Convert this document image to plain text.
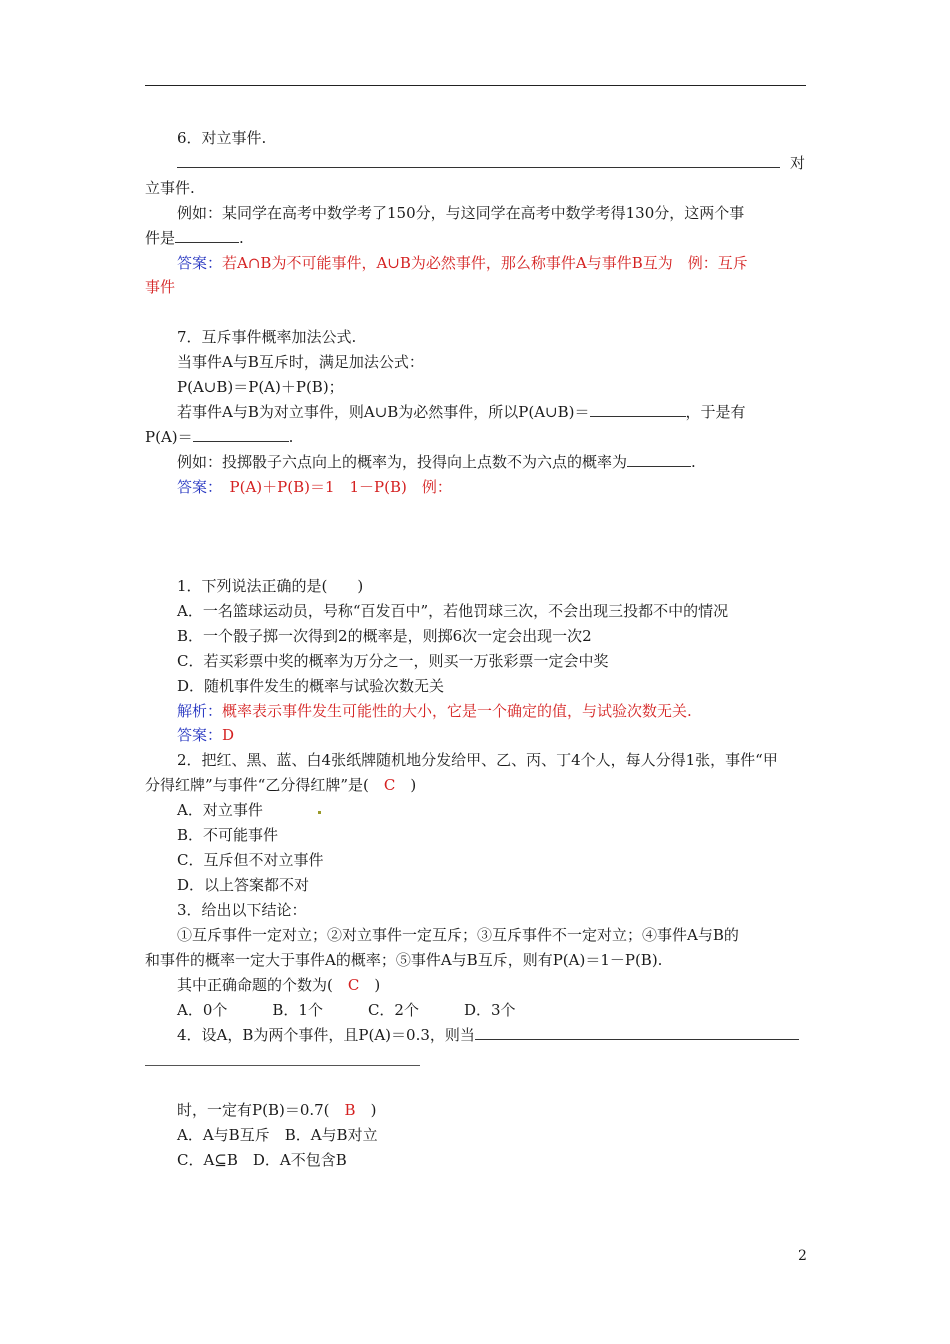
6．对立事件.
对
立事件.
例如：某同学在高考中数学考了150分，与这同学在高考中数学考得130分，这两个事
件是	.
答案：若A∩B为不可能事件，A∪B为必然事件，那么称事件A与事件B互为　例：互斥
事件
7．互斥事件概率加法公式.
当事件A与B互斥时，满足加法公式：
P(A∪B)＝P(A)＋P(B)；
若事件A与B为对立事件，则A∪B为必然事件，所以P(A∪B)＝	，于是有
P(A)＝	.
例如：投掷骰子六点向上的概率为，投得向上点数不为六点的概率为	.
答案：　P(A)＋P(B)＝1　1－P(B)　例：
1．下列说法正确的是(　　)
A．一名篮球运动员，号称“百发百中”，若他罚球三次，不会出现三投都不中的情况
B．一个骰子掷一次得到2的概率是，则掷6次一定会出现一次2
C．若买彩票中奖的概率为万分之一，则买一万张彩票一定会中奖
D．随机事件发生的概率与试验次数无关
解析：概率表示事件发生可能性的大小，它是一个确定的值，与试验次数无关.
答案：D
2．把红、黑、蓝、白4张纸牌随机地分发给甲、乙、丙、丁4个人，每人分得1张，事件“甲
分得红牌”与事件“乙分得红牌”是(　C　)
A．对立事件
B．不可能事件
C．互斥但不对立事件
D．以上答案都不对
3．给出以下结论：
①互斥事件一定对立；②对立事件一定互斥；③互斥事件不一定对立；④事件A与B的
和事件的概率一定大于事件A的概率；⑤事件A与B互斥，则有P(A)＝1－P(B).
其中正确命题的个数为(　C　)
A．0个　　　B．1个　　　C．2个　　　D．3个
4．设A，B为两个事件，且P(A)＝0.3，则当
时，一定有P(B)＝0.7(　B　)
A．A与B互斥　B．A与B对立
C．A⊆B　D．A不包含B
2
